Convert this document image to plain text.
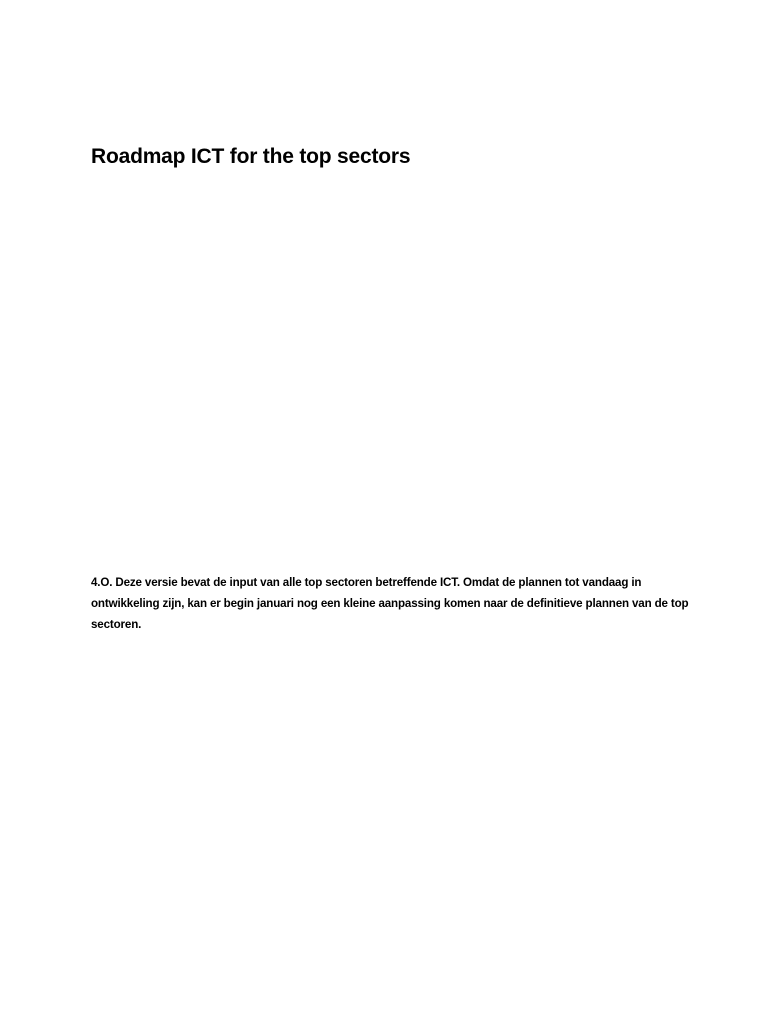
Roadmap ICT for the top sectors

4.O. Deze versie bevat de input van alle top sectoren betreffende ICT. Omdat de plannen tot vandaag in ontwikkeling zijn, kan er begin januari nog een kleine aanpassing komen naar de definitieve plannen van de top sectoren.
